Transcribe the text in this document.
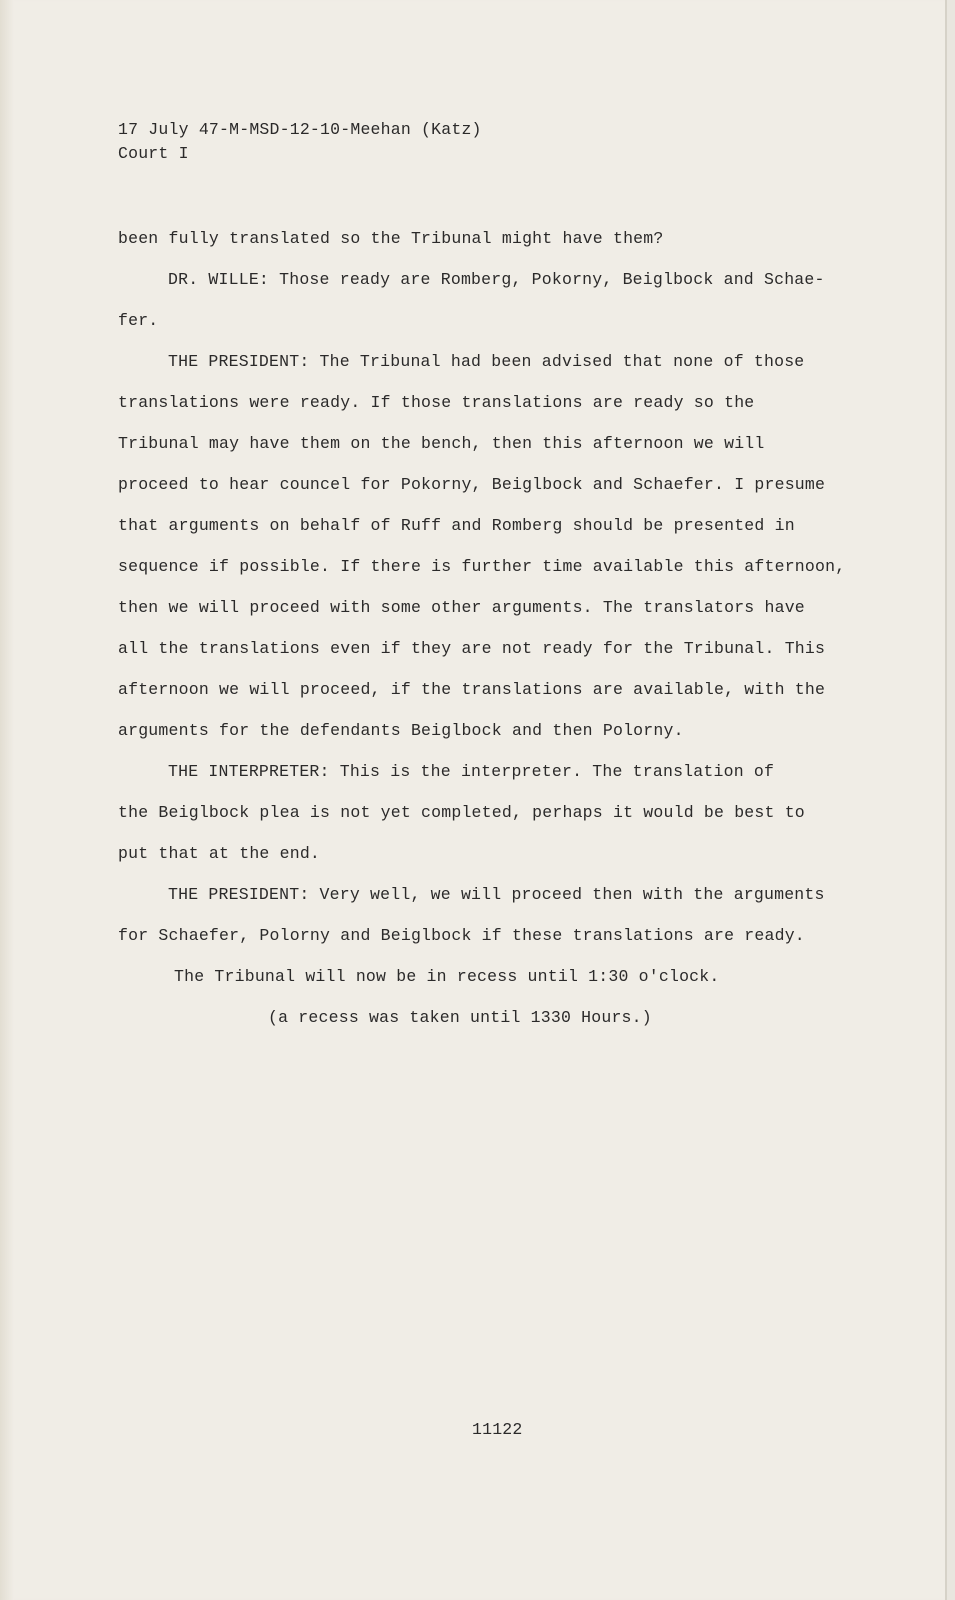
17 July 47-M-MSD-12-10-Meehan (Katz)
Court I
been fully translated so the Tribunal might have them?
DR. WILLE: Those ready are Romberg, Pokorny, Beiglbock and Schae-
fer.
THE PRESIDENT: The Tribunal had been advised that none of those
translations were ready. If those translations are ready so the
Tribunal may have them on the bench, then this afternoon we will
proceed to hear councel for Pokorny, Beiglbock and Schaefer. I presume
that arguments on behalf of Ruff and Romberg should be presented in
sequence if possible. If there is further time available this afternoon,
then we will proceed with some other arguments. The translators have
all the translations even if they are not ready for the Tribunal. This
afternoon we will proceed, if the translations are available, with the
arguments for the defendants Beiglbock and then Polorny.
THE INTERPRETER: This is the interpreter. The translation of
the Beiglbock plea is not yet completed, perhaps it would be best to
put that at the end.
THE PRESIDENT: Very well, we will proceed then with the arguments
for Schaefer, Polorny and Beiglbock if these translations are ready.
The Tribunal will now be in recess until 1:30 o'clock.
(a recess was taken until 1330 Hours.)
11122
